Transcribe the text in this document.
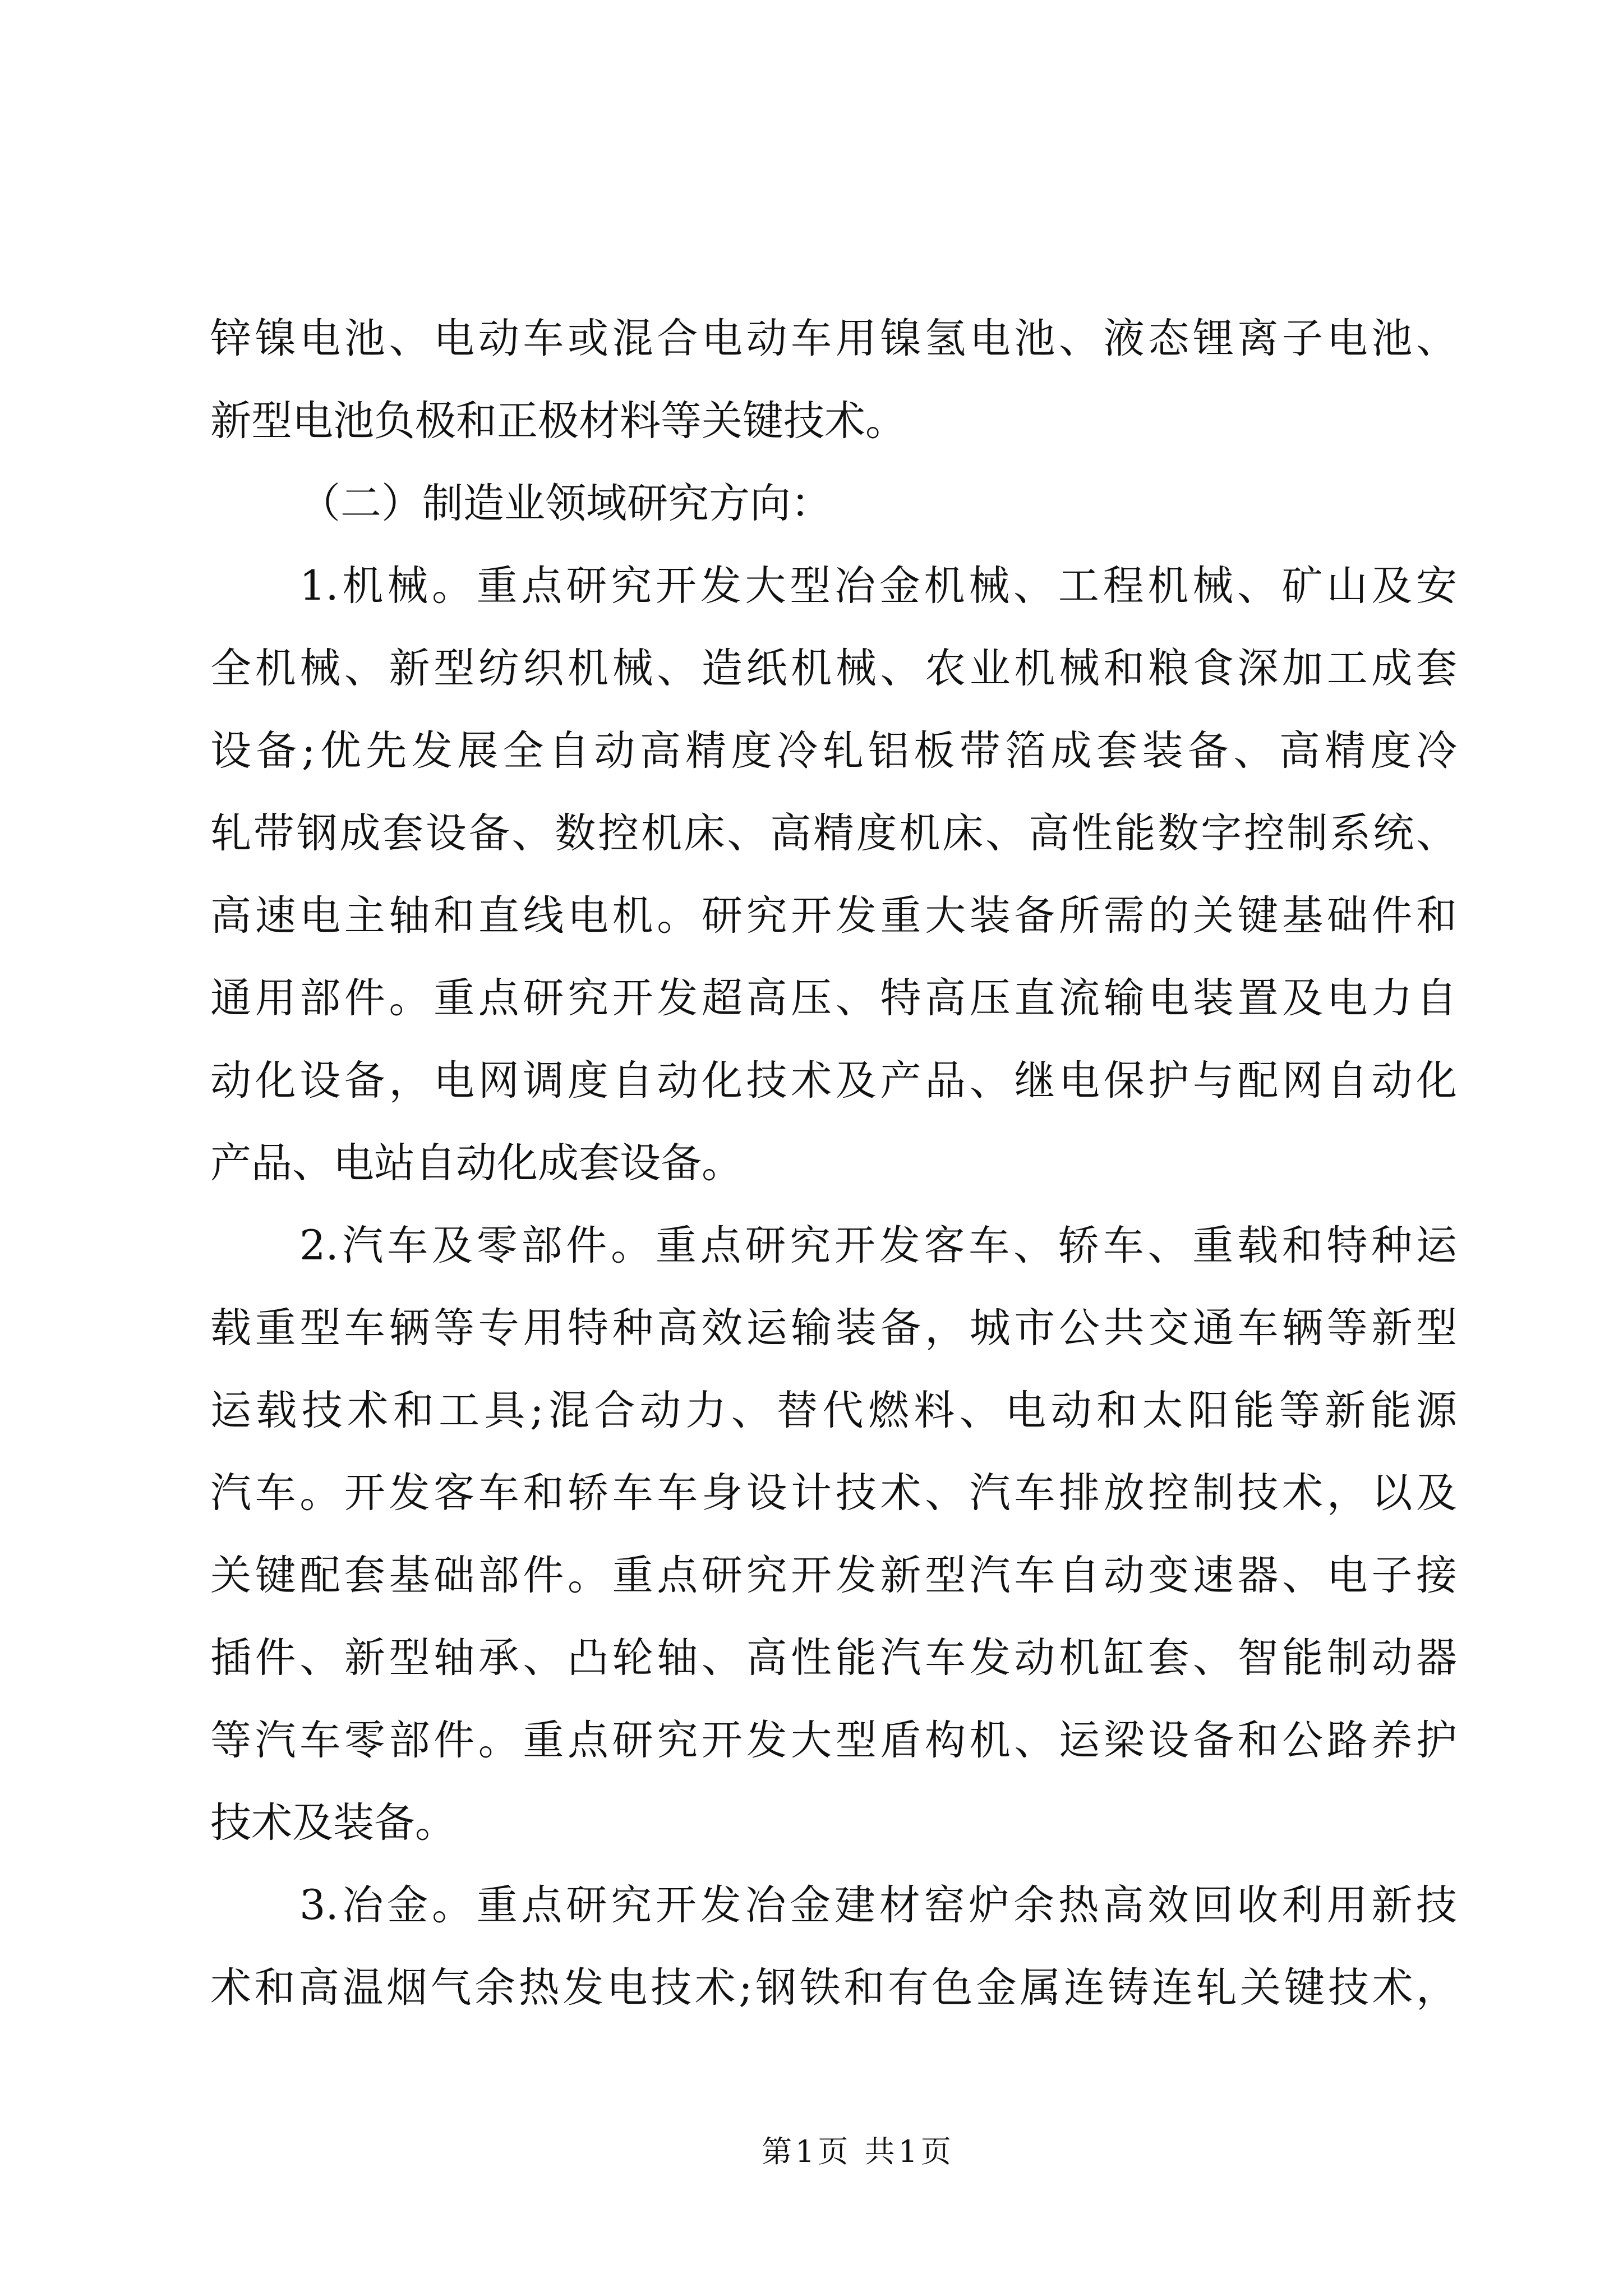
锌镍电池、电动车或混合电动车用镍氢电池、液态锂离子电池、
新型电池负极和正极材料等关键技术。
（二）制造业领域研究方向：
1.机械。重点研究开发大型冶金机械、工程机械、矿山及安
全机械、新型纺织机械、造纸机械、农业机械和粮食深加工成套
设备;优先发展全自动高精度冷轧铝板带箔成套装备、高精度冷
轧带钢成套设备、数控机床、高精度机床、高性能数字控制系统、
高速电主轴和直线电机。研究开发重大装备所需的关键基础件和
通用部件。重点研究开发超高压、特高压直流输电装置及电力自
动化设备，电网调度自动化技术及产品、继电保护与配网自动化
产品、电站自动化成套设备。
2.汽车及零部件。重点研究开发客车、轿车、重载和特种运
载重型车辆等专用特种高效运输装备，城市公共交通车辆等新型
运载技术和工具;混合动力、替代燃料、电动和太阳能等新能源
汽车。开发客车和轿车车身设计技术、汽车排放控制技术，以及
关键配套基础部件。重点研究开发新型汽车自动变速器、电子接
插件、新型轴承、凸轮轴、高性能汽车发动机缸套、智能制动器
等汽车零部件。重点研究开发大型盾构机、运梁设备和公路养护
技术及装备。
3.冶金。重点研究开发冶金建材窑炉余热高效回收利用新技
术和高温烟气余热发电技术;钢铁和有色金属连铸连轧关键技术，
第1页 共1页
